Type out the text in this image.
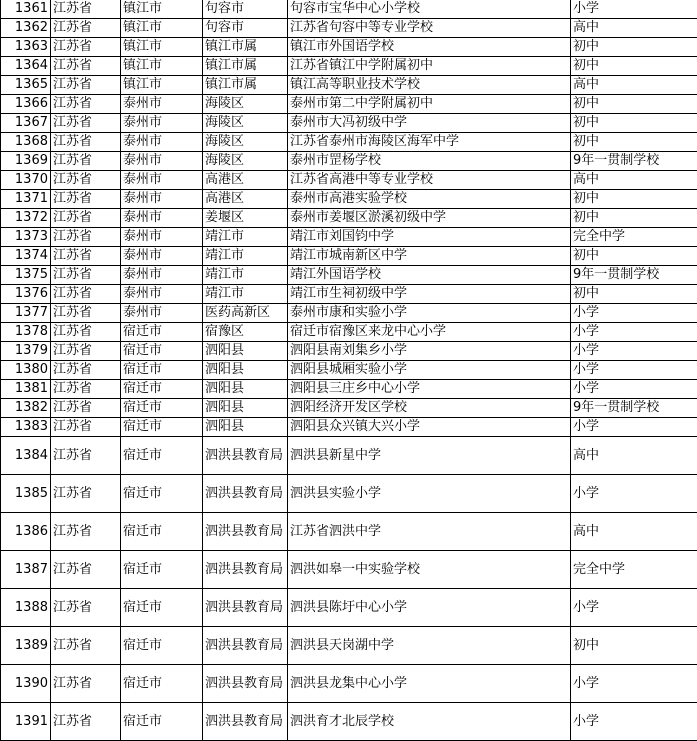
1361	江苏省	镇江市	句容市	句容市宝华中心小学校	小学
1362	江苏省	镇江市	句容市	江苏省句容中等专业学校	高中
1363	江苏省	镇江市	镇江市属	镇江市外国语学校	初中
1364	江苏省	镇江市	镇江市属	江苏省镇江中学附属初中	初中
1365	江苏省	镇江市	镇江市属	镇江高等职业技术学校	高中
1366	江苏省	泰州市	海陵区	泰州市第二中学附属初中	初中
1367	江苏省	泰州市	海陵区	泰州市大冯初级中学	初中
1368	江苏省	泰州市	海陵区	江苏省泰州市海陵区海军中学	初中
1369	江苏省	泰州市	海陵区	泰州市罡杨学校	9年一贯制学校
1370	江苏省	泰州市	高港区	江苏省高港中等专业学校	高中
1371	江苏省	泰州市	高港区	泰州市高港实验学校	初中
1372	江苏省	泰州市	姜堰区	泰州市姜堰区淤溪初级中学	初中
1373	江苏省	泰州市	靖江市	靖江市刘国钧中学	完全中学
1374	江苏省	泰州市	靖江市	靖江市城南新区中学	初中
1375	江苏省	泰州市	靖江市	靖江外国语学校	9年一贯制学校
1376	江苏省	泰州市	靖江市	靖江市生祠初级中学	初中
1377	江苏省	泰州市	医药高新区	泰州市康和实验小学	小学
1378	江苏省	宿迁市	宿豫区	宿迁市宿豫区来龙中心小学	小学
1379	江苏省	宿迁市	泗阳县	泗阳县南刘集乡小学	小学
1380	江苏省	宿迁市	泗阳县	泗阳县城厢实验小学	小学
1381	江苏省	宿迁市	泗阳县	泗阳县三庄乡中心小学	小学
1382	江苏省	宿迁市	泗阳县	泗阳经济开发区学校	9年一贯制学校
1383	江苏省	宿迁市	泗阳县	泗阳县众兴镇大兴小学	小学
1384	江苏省	宿迁市	泗洪县教育局	泗洪县新星中学	高中
1385	江苏省	宿迁市	泗洪县教育局	泗洪县实验小学	小学
1386	江苏省	宿迁市	泗洪县教育局	江苏省泗洪中学	高中
1387	江苏省	宿迁市	泗洪县教育局	泗洪如皋一中实验学校	完全中学
1388	江苏省	宿迁市	泗洪县教育局	泗洪县陈圩中心小学	小学
1389	江苏省	宿迁市	泗洪县教育局	泗洪县天岗湖中学	初中
1390	江苏省	宿迁市	泗洪县教育局	泗洪县龙集中心小学	小学
1391	江苏省	宿迁市	泗洪县教育局	泗洪育才北辰学校	小学
